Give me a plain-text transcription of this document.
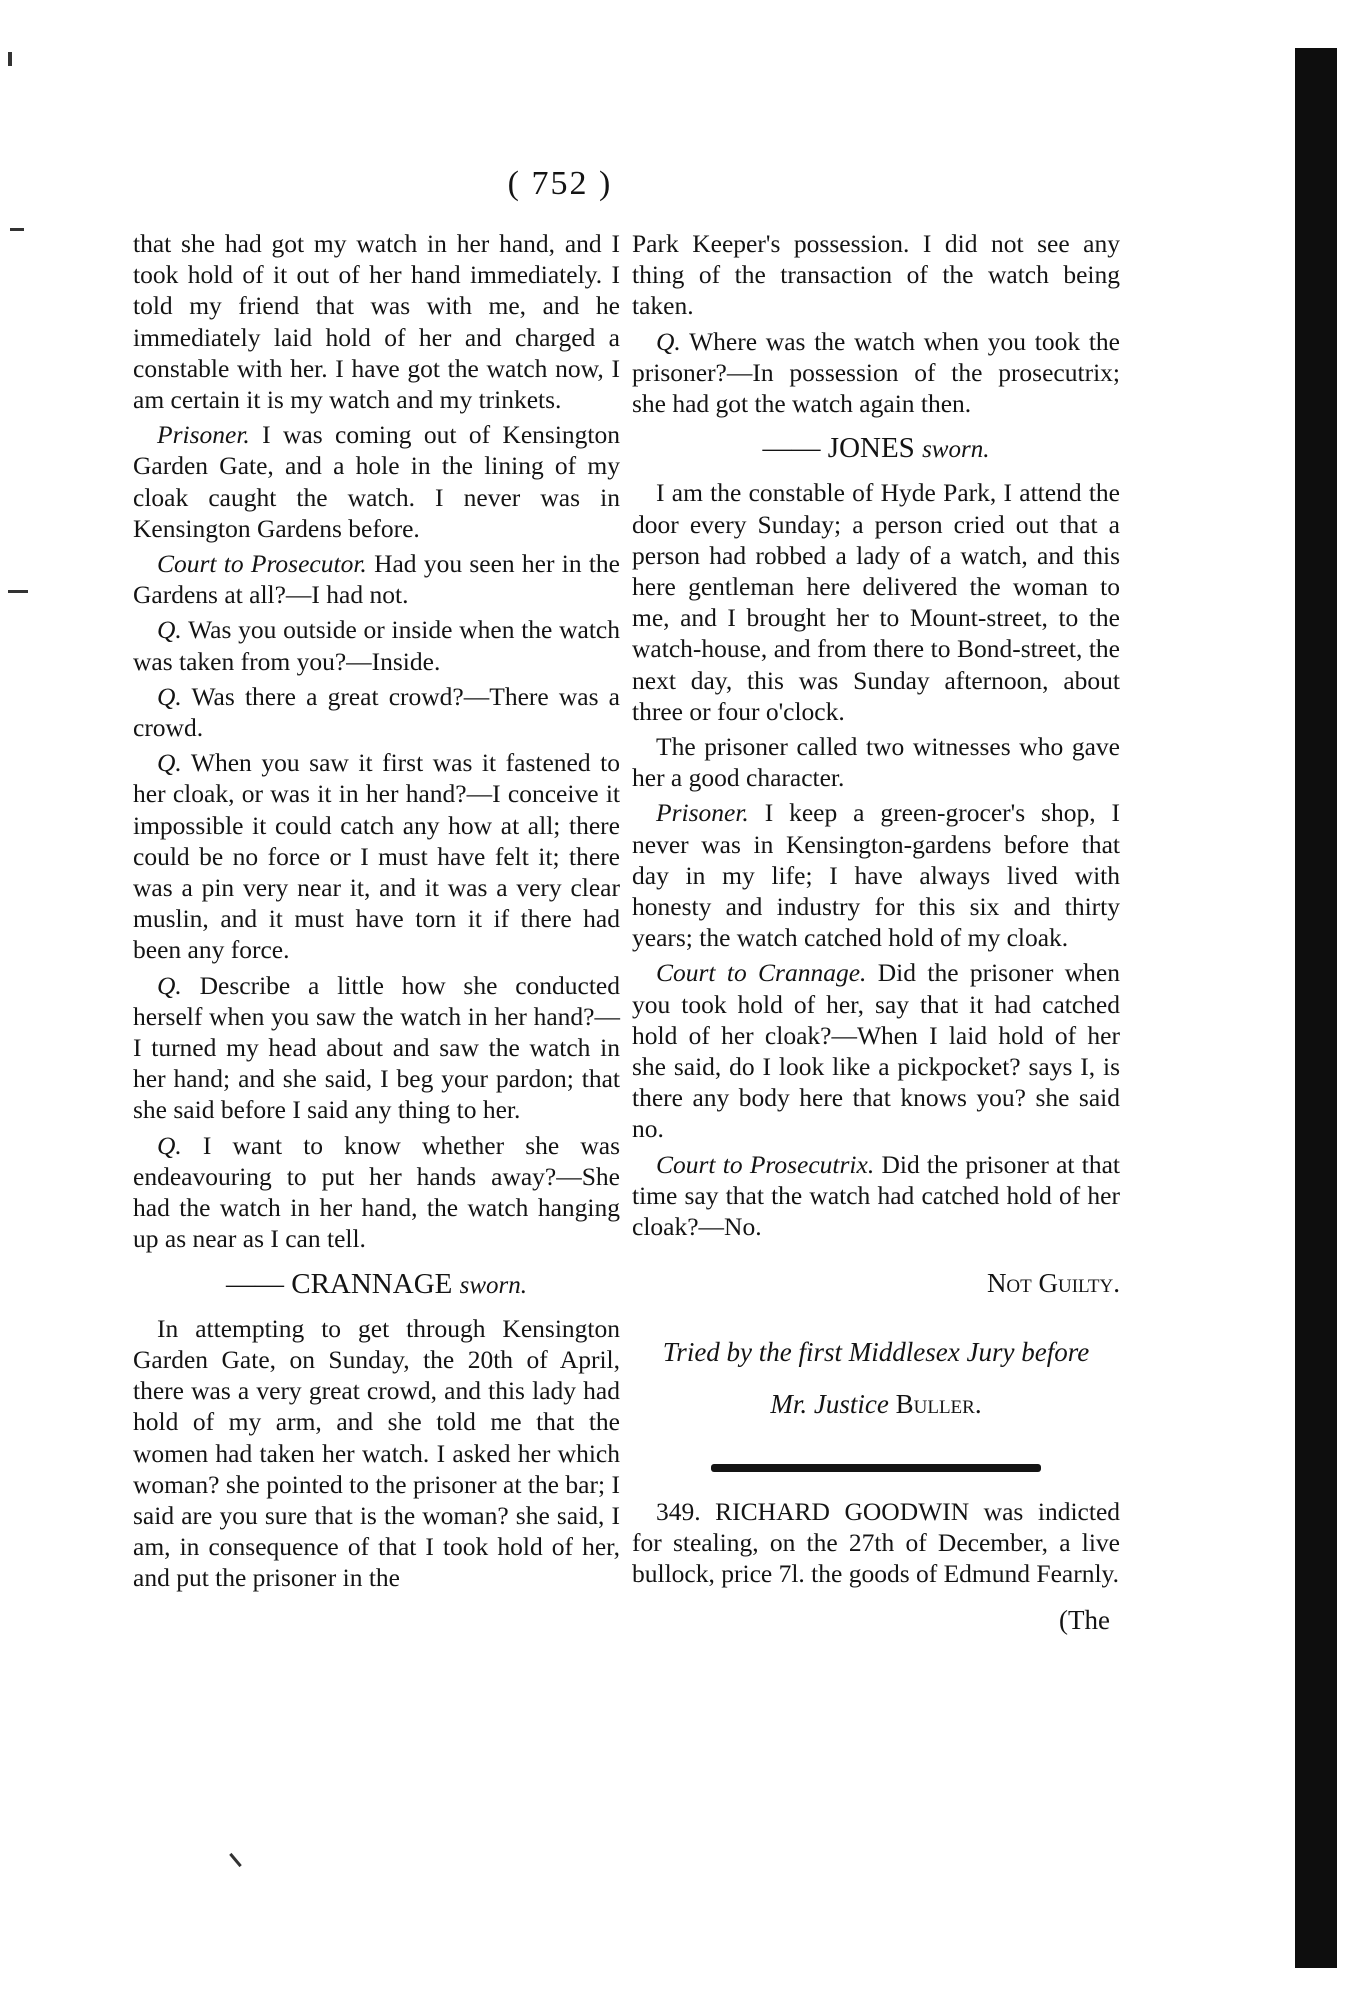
( 752 )

that she had got my watch in her hand, and I took hold of it out of her hand immediately. I told my friend that was with me, and he immediately laid hold of her and charged a constable with her. I have got the watch now, I am certain it is my watch and my trinkets.

Prisoner. I was coming out of Kensington Garden Gate, and a hole in the lining of my cloak caught the watch. I never was in Kensington Gardens before.

Court to Prosecutor. Had you seen her in the Gardens at all?—I had not.

Q. Was you outside or inside when the watch was taken from you?—Inside.

Q. Was there a great crowd?—There was a crowd.

Q. When you saw it first was it fastened to her cloak, or was it in her hand?—I conceive it impossible it could catch any how at all; there could be no force or I must have felt it; there was a pin very near it, and it was a very clear muslin, and it must have torn it if there had been any force.

Q. Describe a little how she conducted herself when you saw the watch in her hand?—I turned my head about and saw the watch in her hand; and she said, I beg your pardon; that she said before I said any thing to her.

Q. I want to know whether she was endeavouring to put her hands away?—She had the watch in her hand, the watch hanging up as near as I can tell.

—— CRANNAGE sworn.

In attempting to get through Kensington Garden Gate, on Sunday, the 20th of April, there was a very great crowd, and this lady had hold of my arm, and she told me that the women had taken her watch. I asked her which woman? she pointed to the prisoner at the bar; I said are you sure that is the woman? she said, I am, in consequence of that I took hold of her, and put the prisoner in the

Park Keeper's possession. I did not see any thing of the transaction of the watch being taken.

Q. Where was the watch when you took the prisoner?—In possession of the prosecutrix; she had got the watch again then.

—— JONES sworn.

I am the constable of Hyde Park, I attend the door every Sunday; a person cried out that a person had robbed a lady of a watch, and this here gentleman here delivered the woman to me, and I brought her to Mount-street, to the watch-house, and from there to Bond-street, the next day, this was Sunday afternoon, about three or four o'clock.

The prisoner called two witnesses who gave her a good character.

Prisoner. I keep a green-grocer's shop, I never was in Kensington-gardens before that day in my life; I have always lived with honesty and industry for this six and thirty years; the watch catched hold of my cloak.

Court to Crannage. Did the prisoner when you took hold of her, say that it had catched hold of her cloak?—When I laid hold of her she said, do I look like a pickpocket? says I, is there any body here that knows you? she said no.

Court to Prosecutrix. Did the prisoner at that time say that the watch had catched hold of her cloak?—No.

Not Guilty.

Tried by the first Middlesex Jury before
Mr. Justice Buller.

349. RICHARD GOODWIN was indicted for stealing, on the 27th of December, a live bullock, price 7l. the goods of Edmund Fearnly.

(The
